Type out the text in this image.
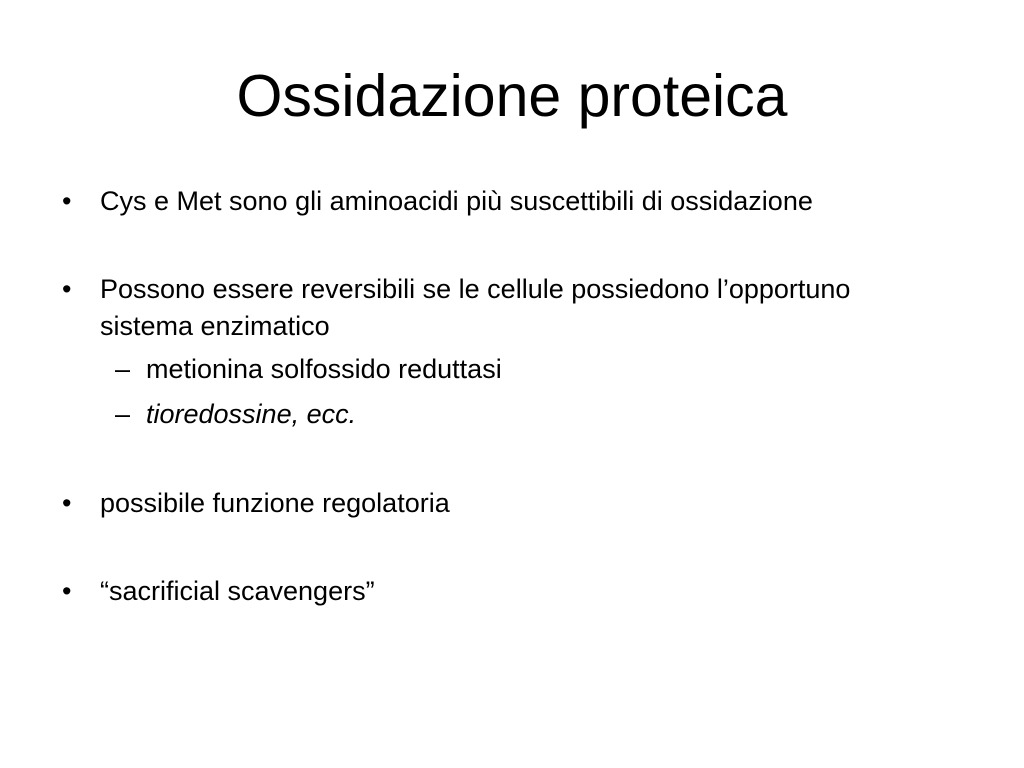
Ossidazione proteica
•	Cys e Met sono gli aminoacidi più suscettibili di ossidazione
•	Possono essere reversibili se le cellule possiedono l’opportuno sistema enzimatico
– metionina solfossido reduttasi
– tioredossine, ecc.
•	possibile funzione regolatoria
•	“sacrificial scavengers”
